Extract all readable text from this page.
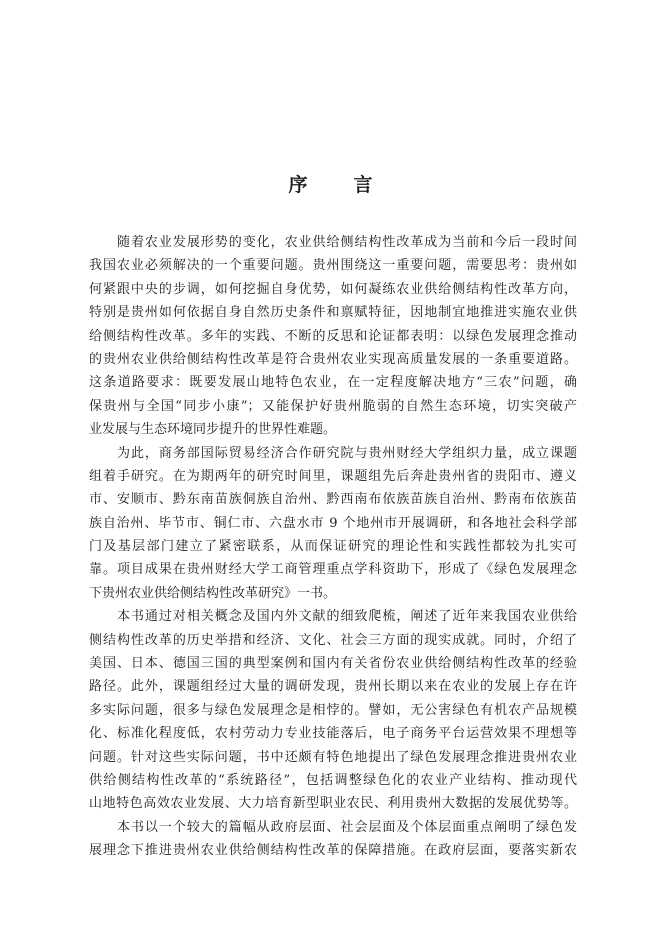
序言
随着农业发展形势的变化，农业供给侧结构性改革成为当前和今后一段时间
我国农业必须解决的一个重要问题。贵州围绕这一重要问题，需要思考：贵州如
何紧跟中央的步调，如何挖掘自身优势，如何凝练农业供给侧结构性改革方向，
特别是贵州如何依据自身自然历史条件和禀赋特征，因地制宜地推进实施农业供
给侧结构性改革。多年的实践、不断的反思和论证都表明：以绿色发展理念推动
的贵州农业供给侧结构性改革是符合贵州农业实现高质量发展的一条重要道路。
这条道路要求：既要发展山地特色农业，在一定程度解决地方“三农”问题，确
保贵州与全国“同步小康”；又能保护好贵州脆弱的自然生态环境，切实突破产
业发展与生态环境同步提升的世界性难题。
为此，商务部国际贸易经济合作研究院与贵州财经大学组织力量，成立课题
组着手研究。在为期两年的研究时间里，课题组先后奔赴贵州省的贵阳市、遵义
市、安顺市、黔东南苗族侗族自治州、黔西南布依族苗族自治州、黔南布依族苗
族自治州、毕节市、铜仁市、六盘水市 9 个地州市开展调研，和各地社会科学部
门及基层部门建立了紧密联系，从而保证研究的理论性和实践性都较为扎实可
靠。项目成果在贵州财经大学工商管理重点学科资助下，形成了《绿色发展理念
下贵州农业供给侧结构性改革研究》一书。
本书通过对相关概念及国内外文献的细致爬梳，阐述了近年来我国农业供给
侧结构性改革的历史举措和经济、文化、社会三方面的现实成就。同时，介绍了
美国、日本、德国三国的典型案例和国内有关省份农业供给侧结构性改革的经验
路径。此外，课题组经过大量的调研发现，贵州长期以来在农业的发展上存在许
多实际问题，很多与绿色发展理念是相悖的。譬如，无公害绿色有机农产品规模
化、标准化程度低，农村劳动力专业技能落后，电子商务平台运营效果不理想等
问题。针对这些实际问题，书中还颇有特色地提出了绿色发展理念推进贵州农业
供给侧结构性改革的“系统路径”，包括调整绿色化的农业产业结构、推动现代
山地特色高效农业发展、大力培育新型职业农民、利用贵州大数据的发展优势等。
本书以一个较大的篇幅从政府层面、社会层面及个体层面重点阐明了绿色发
展理念下推进贵州农业供给侧结构性改革的保障措施。在政府层面，要落实新农
